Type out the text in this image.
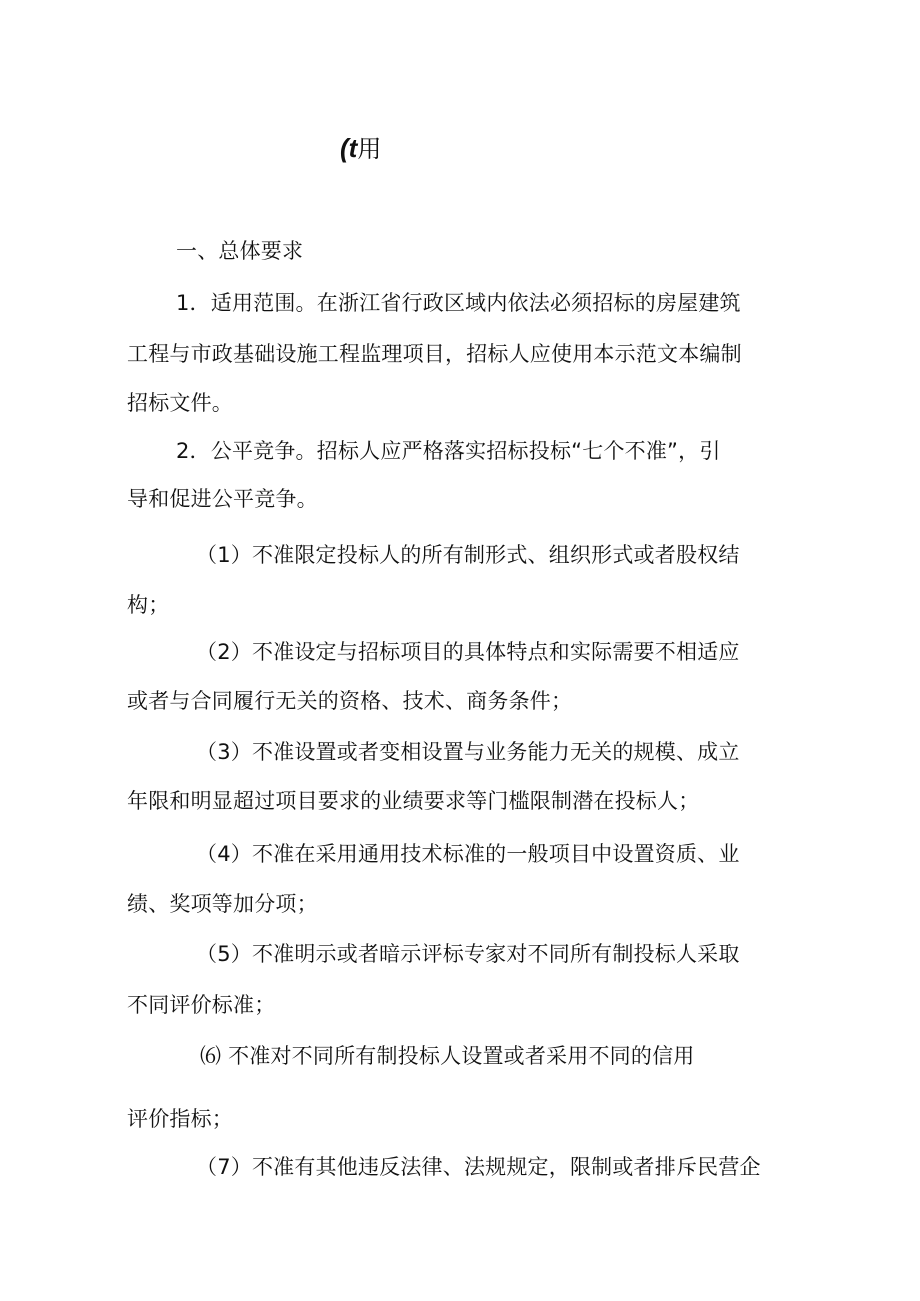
(t用
一、总体要求
1．适用范围。在浙江省行政区域内依法必须招标的房屋建筑
工程与市政基础设施工程监理项目，招标人应使用本示范文本编制
招标文件。
2．公平竞争。招标人应严格落实招标投标“七个不准”，引
导和促进公平竞争。
（1）不准限定投标人的所有制形式、组织形式或者股权结
构；
（2）不准设定与招标项目的具体特点和实际需要不相适应
或者与合同履行无关的资格、技术、商务条件；
（3）不准设置或者变相设置与业务能力无关的规模、成立
年限和明显超过项目要求的业绩要求等门槛限制潜在投标人；
（4）不准在采用通用技术标准的一般项目中设置资质、业
绩、奖项等加分项；
（5）不准明示或者暗示评标专家对不同所有制投标人采取
不同评价标准；
⑹ 不准对不同所有制投标人设置或者采用不同的信用
评价指标；
（7）不准有其他违反法律、法规规定，限制或者排斥民营企
